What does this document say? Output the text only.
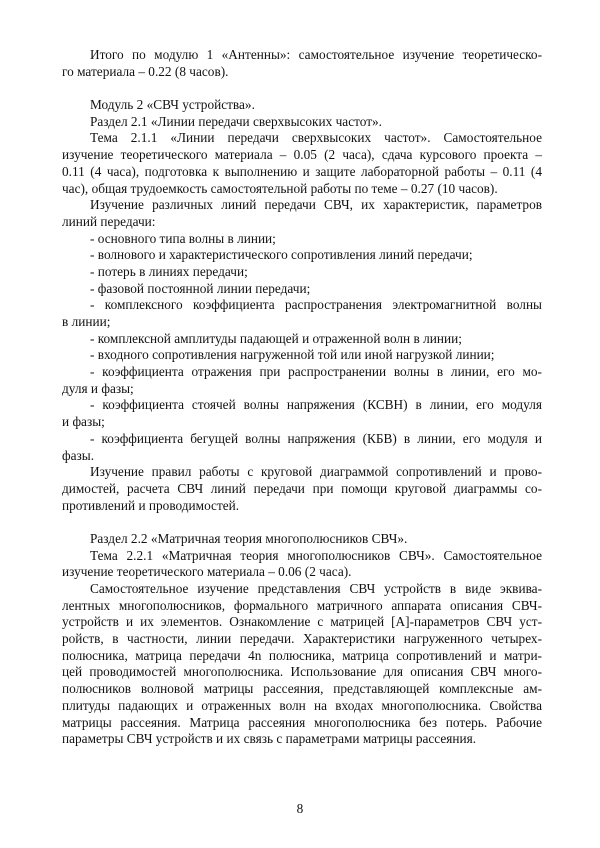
Итого по модулю 1 «Антенны»: самостоятельное изучение теоретическо-
го материала – 0.22 (8 часов).
Модуль 2 «СВЧ устройства».
Раздел 2.1 «Линии передачи сверхвысоких частот».
Тема 2.1.1 «Линии передачи сверхвысоких частот». Самостоятельное
изучение теоретического материала – 0.05 (2 часа), сдача курсового проекта –
0.11 (4 часа), подготовка к выполнению и защите лабораторной работы – 0.11 (4
час), общая трудоемкость самостоятельной работы по теме – 0.27 (10 часов).
Изучение различных линий передачи СВЧ, их характеристик, параметров
линий передачи:
- основного типа волны в линии;
- волнового и характеристического сопротивления линий передачи;
- потерь в линиях передачи;
- фазовой постоянной линии передачи;
- комплексного коэффициента распространения электромагнитной волны
в линии;
- комплексной амплитуды падающей и отраженной волн в линии;
- входного сопротивления нагруженной той или иной нагрузкой линии;
- коэффициента отражения при распространении волны в линии, его мо-
дуля и фазы;
- коэффициента стоячей волны напряжения (КСВН) в линии, его модуля
и фазы;
- коэффициента бегущей волны напряжения (КБВ) в линии, его модуля и
фазы.
Изучение правил работы с круговой диаграммой сопротивлений и прово-
димостей, расчета СВЧ линий передачи при помощи круговой диаграммы со-
противлений и проводимостей.
Раздел 2.2 «Матричная теория многополюсников СВЧ».
Тема 2.2.1 «Матричная теория многополюсников СВЧ». Самостоятельное
изучение теоретического материала – 0.06 (2 часа).
Самостоятельное изучение представления СВЧ устройств в виде эквива-
лентных многополюсников, формального матричного аппарата описания СВЧ-
устройств и их элементов. Ознакомление с матрицей [А]-параметров СВЧ уст-
ройств, в частности, линии передачи. Характеристики нагруженного четырех-
полюсника, матрица передачи 4n полюсника, матрица сопротивлений и матри-
цей проводимостей многополюсника. Использование для описания СВЧ много-
полюсников волновой матрицы рассеяния, представляющей комплексные ам-
плитуды падающих и отраженных волн на входах многополюсника. Свойства
матрицы рассеяния. Матрица рассеяния многополюсника без потерь. Рабочие
параметры СВЧ устройств и их связь с параметрами матрицы рассеяния.
8
